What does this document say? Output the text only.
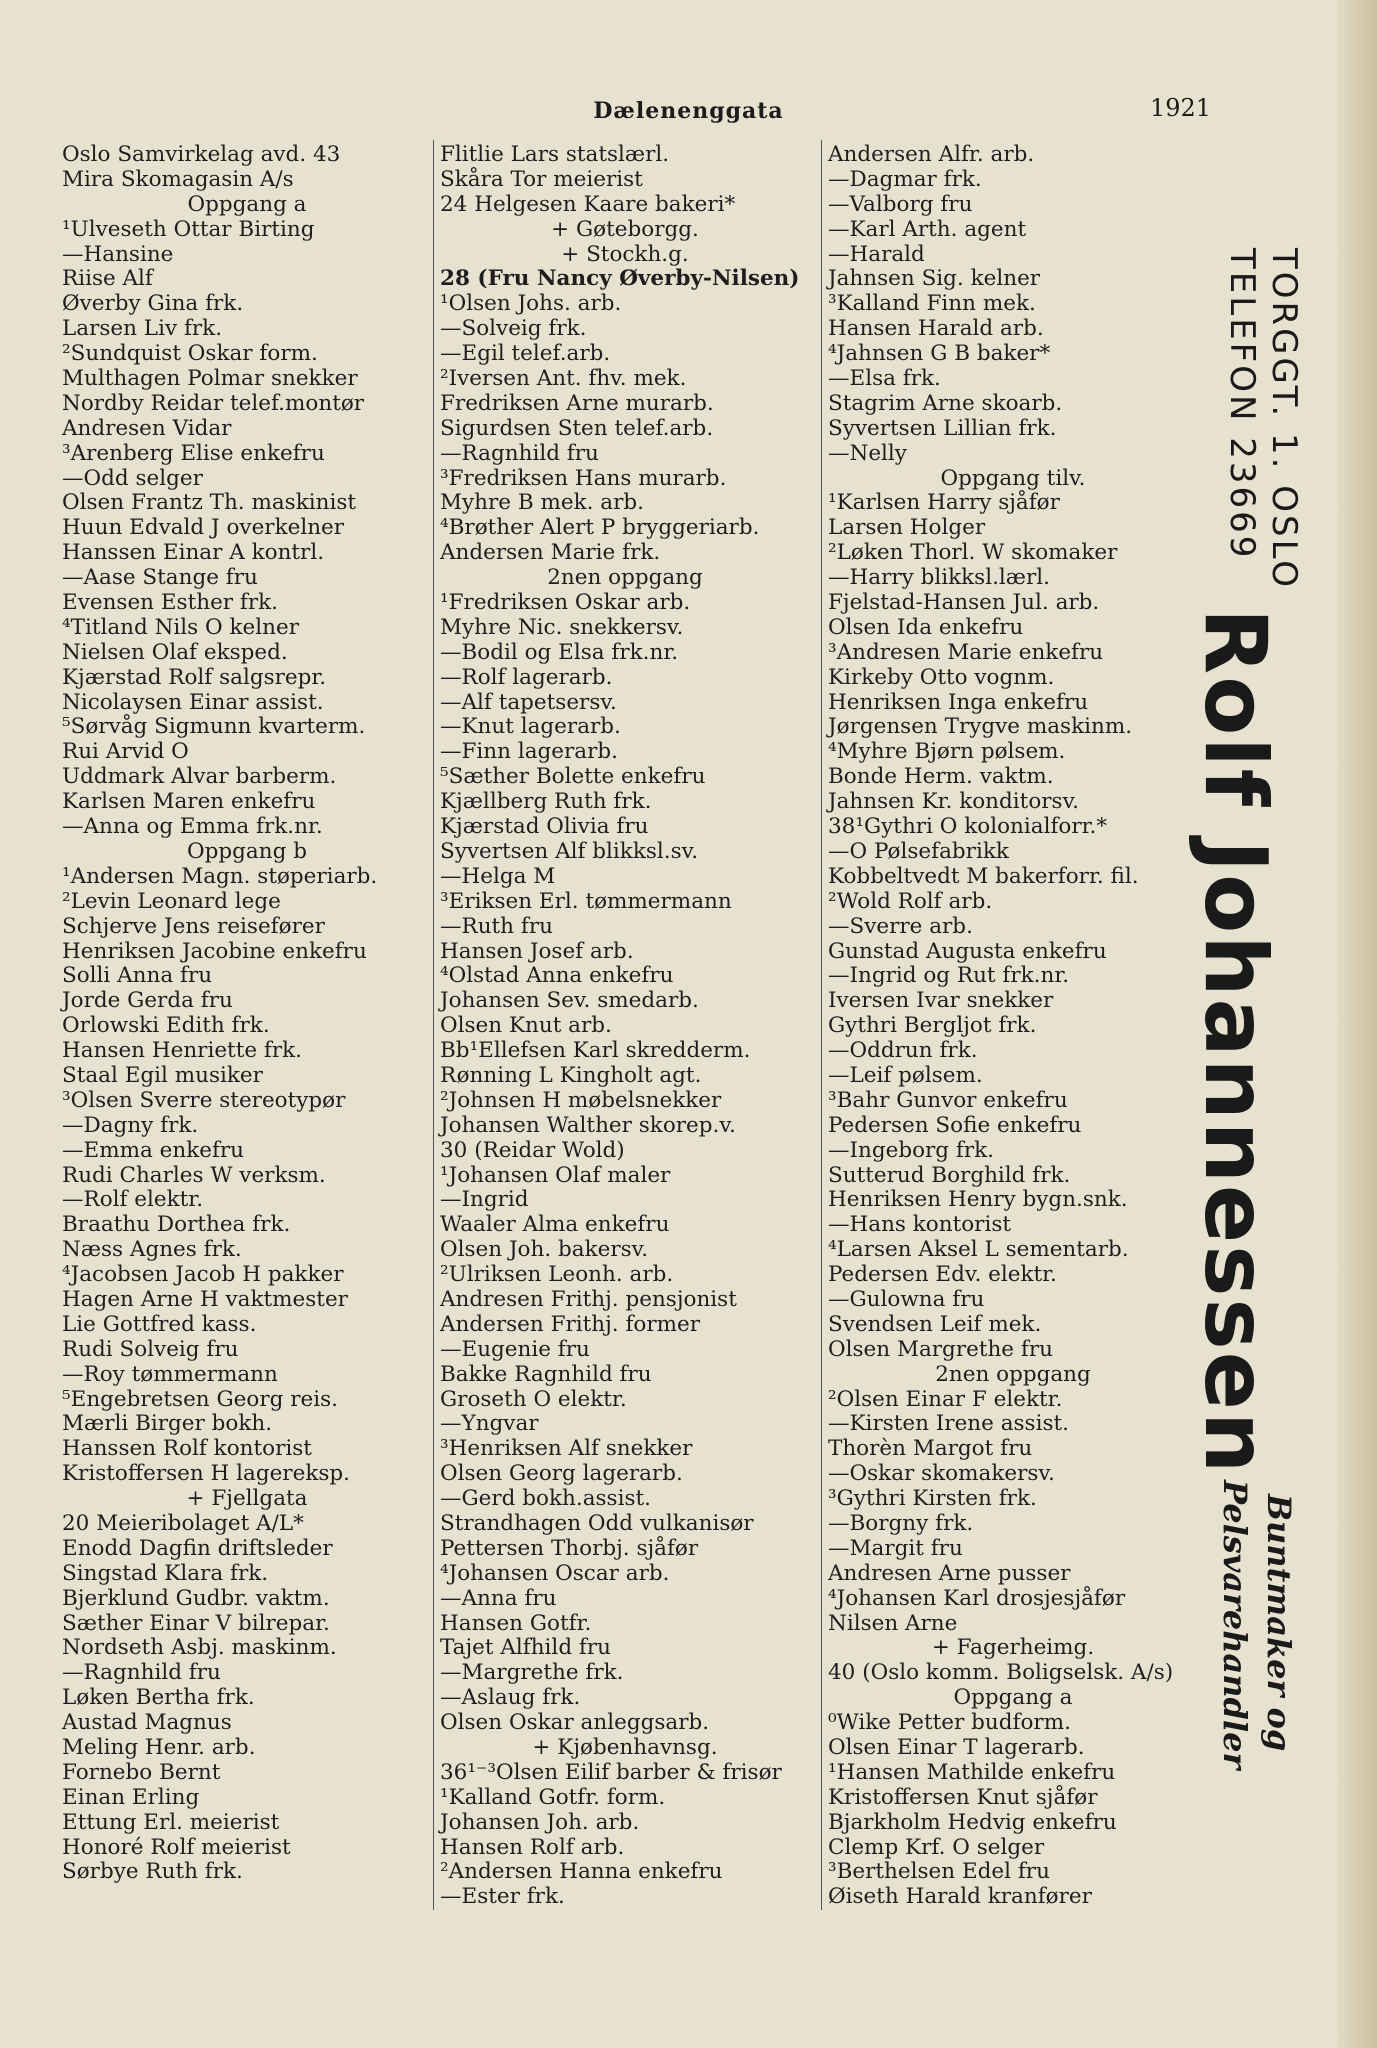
Dælenenggata	1921
Oslo Samvirkelag avd. 43
Mira Skomagasin A/s
Oppgang a
¹Ulveseth Ottar Birting
—Hansine
Riise Alf
Øverby Gina frk.
Larsen Liv frk.
²Sundquist Oskar form.
Multhagen Polmar snekker
Nordby Reidar telef.montør
Andresen Vidar
³Arenberg Elise enkefru
—Odd selger
Olsen Frantz Th. maskinist
Huun Edvald J overkelner
Hanssen Einar A kontrl.
—Aase Stange fru
Evensen Esther frk.
⁴Titland Nils O kelner
Nielsen Olaf eksped.
Kjærstad Rolf salgsrepr.
Nicolaysen Einar assist.
⁵Sørvåg Sigmunn kvarterm.
Rui Arvid O
Uddmark Alvar barberm.
Karlsen Maren enkefru
—Anna og Emma frk.nr.
Oppgang b
¹Andersen Magn. støperiarb.
²Levin Leonard lege
Schjerve Jens reisefører
Henriksen Jacobine enkefru
Solli Anna fru
Jorde Gerda fru
Orlowski Edith frk.
Hansen Henriette frk.
Staal Egil musiker
³Olsen Sverre stereotypør
—Dagny frk.
—Emma enkefru
Rudi Charles W verksm.
—Rolf elektr.
Braathu Dorthea frk.
Næss Agnes frk.
⁴Jacobsen Jacob H pakker
Hagen Arne H vaktmester
Lie Gottfred kass.
Rudi Solveig fru
—Roy tømmermann
⁵Engebretsen Georg reis.
Mærli Birger bokh.
Hanssen Rolf kontorist
Kristoffersen H lagereksp.
+ Fjellgata
20 Meieribolaget A/L*
Enodd Dagfin driftsleder
Singstad Klara frk.
Bjerklund Gudbr. vaktm.
Sæther Einar V bilrepar.
Nordseth Asbj. maskinm.
—Ragnhild fru
Løken Bertha frk.
Austad Magnus
Meling Henr. arb.
Fornebo Bernt
Einan Erling
Ettung Erl. meierist
Honoré Rolf meierist
Sørbye Ruth frk.
Flitlie Lars statslærl.
Skåra Tor meierist
24 Helgesen Kaare bakeri*
+ Gøteborgg.
+ Stockh.g.
28 (Fru Nancy Øverby-Nilsen)
¹Olsen Johs. arb.
—Solveig frk.
—Egil telef.arb.
²Iversen Ant. fhv. mek.
Fredriksen Arne murarb.
Sigurdsen Sten telef.arb.
—Ragnhild fru
³Fredriksen Hans murarb.
Myhre B mek. arb.
⁴Brøther Alert P bryggeriarb.
Andersen Marie frk.
2nen oppgang
¹Fredriksen Oskar arb.
Myhre Nic. snekkersv.
—Bodil og Elsa frk.nr.
—Rolf lagerarb.
—Alf tapetsersv.
—Knut lagerarb.
—Finn lagerarb.
⁵Sæther Bolette enkefru
Kjællberg Ruth frk.
Kjærstad Olivia fru
Syvertsen Alf blikksl.sv.
—Helga M
³Eriksen Erl. tømmermann
—Ruth fru
Hansen Josef arb.
⁴Olstad Anna enkefru
Johansen Sev. smedarb.
Olsen Knut arb.
Bb¹Ellefsen Karl skredderm.
Rønning L Kingholt agt.
²Johnsen H møbelsnekker
Johansen Walther skorep.v.
30 (Reidar Wold)
¹Johansen Olaf maler
—Ingrid
Waaler Alma enkefru
Olsen Joh. bakersv.
²Ulriksen Leonh. arb.
Andresen Frithj. pensjonist
Andersen Frithj. former
—Eugenie fru
Bakke Ragnhild fru
Groseth O elektr.
—Yngvar
³Henriksen Alf snekker
Olsen Georg lagerarb.
—Gerd bokh.assist.
Strandhagen Odd vulkanisør
Pettersen Thorbj. sjåfør
⁴Johansen Oscar arb.
—Anna fru
Hansen Gotfr.
Tajet Alfhild fru
—Margrethe frk.
—Aslaug frk.
Olsen Oskar anleggsarb.
+ Kjøbenhavnsg.
36¹⁻³Olsen Eilif barber & frisør
¹Kalland Gotfr. form.
Johansen Joh. arb.
Hansen Rolf arb.
²Andersen Hanna enkefru
—Ester frk.
Andersen Alfr. arb.
—Dagmar frk.
—Valborg fru
—Karl Arth. agent
—Harald
Jahnsen Sig. kelner
³Kalland Finn mek.
Hansen Harald arb.
⁴Jahnsen G B baker*
—Elsa frk.
Stagrim Arne skoarb.
Syvertsen Lillian frk.
—Nelly
Oppgang tilv.
¹Karlsen Harry sjåfør
Larsen Holger
²Løken Thorl. W skomaker
—Harry blikksl.lærl.
Fjelstad-Hansen Jul. arb.
Olsen Ida enkefru
³Andresen Marie enkefru
Kirkeby Otto vognm.
Henriksen Inga enkefru
Jørgensen Trygve maskinm.
⁴Myhre Bjørn pølsem.
Bonde Herm. vaktm.
Jahnsen Kr. konditorsv.
38¹Gythri O kolonialforr.*
—O Pølsefabrikk
Kobbeltvedt M bakerforr. fil.
²Wold Rolf arb.
—Sverre arb.
Gunstad Augusta enkefru
—Ingrid og Rut frk.nr.
Iversen Ivar snekker
Gythri Bergljot frk.
—Oddrun frk.
—Leif pølsem.
³Bahr Gunvor enkefru
Pedersen Sofie enkefru
—Ingeborg frk.
Sutterud Borghild frk.
Henriksen Henry bygn.snk.
—Hans kontorist
⁴Larsen Aksel L sementarb.
Pedersen Edv. elektr.
—Gulowna fru
Svendsen Leif mek.
Olsen Margrethe fru
2nen oppgang
²Olsen Einar F elektr.
—Kirsten Irene assist.
Thorèn Margot fru
—Oskar skomakersv.
³Gythri Kirsten frk.
—Borgny frk.
—Margit fru
Andresen Arne pusser
⁴Johansen Karl drosjesjåfør
Nilsen Arne
+ Fagerheimg.
40 (Oslo komm. Boligselsk. A/s)
Oppgang a
⁰Wike Petter budform.
Olsen Einar T lagerarb.
¹Hansen Mathilde enkefru
Kristoffersen Knut sjåfør
Bjarkholm Hedvig enkefru
Clemp Krf. O selger
³Berthelsen Edel fru
Øiseth Harald kranfører
TORGGT. 1. OSLO
TELEFON 23669
Rolf Johannessen
Buntmaker og
Pelsvarehandler
